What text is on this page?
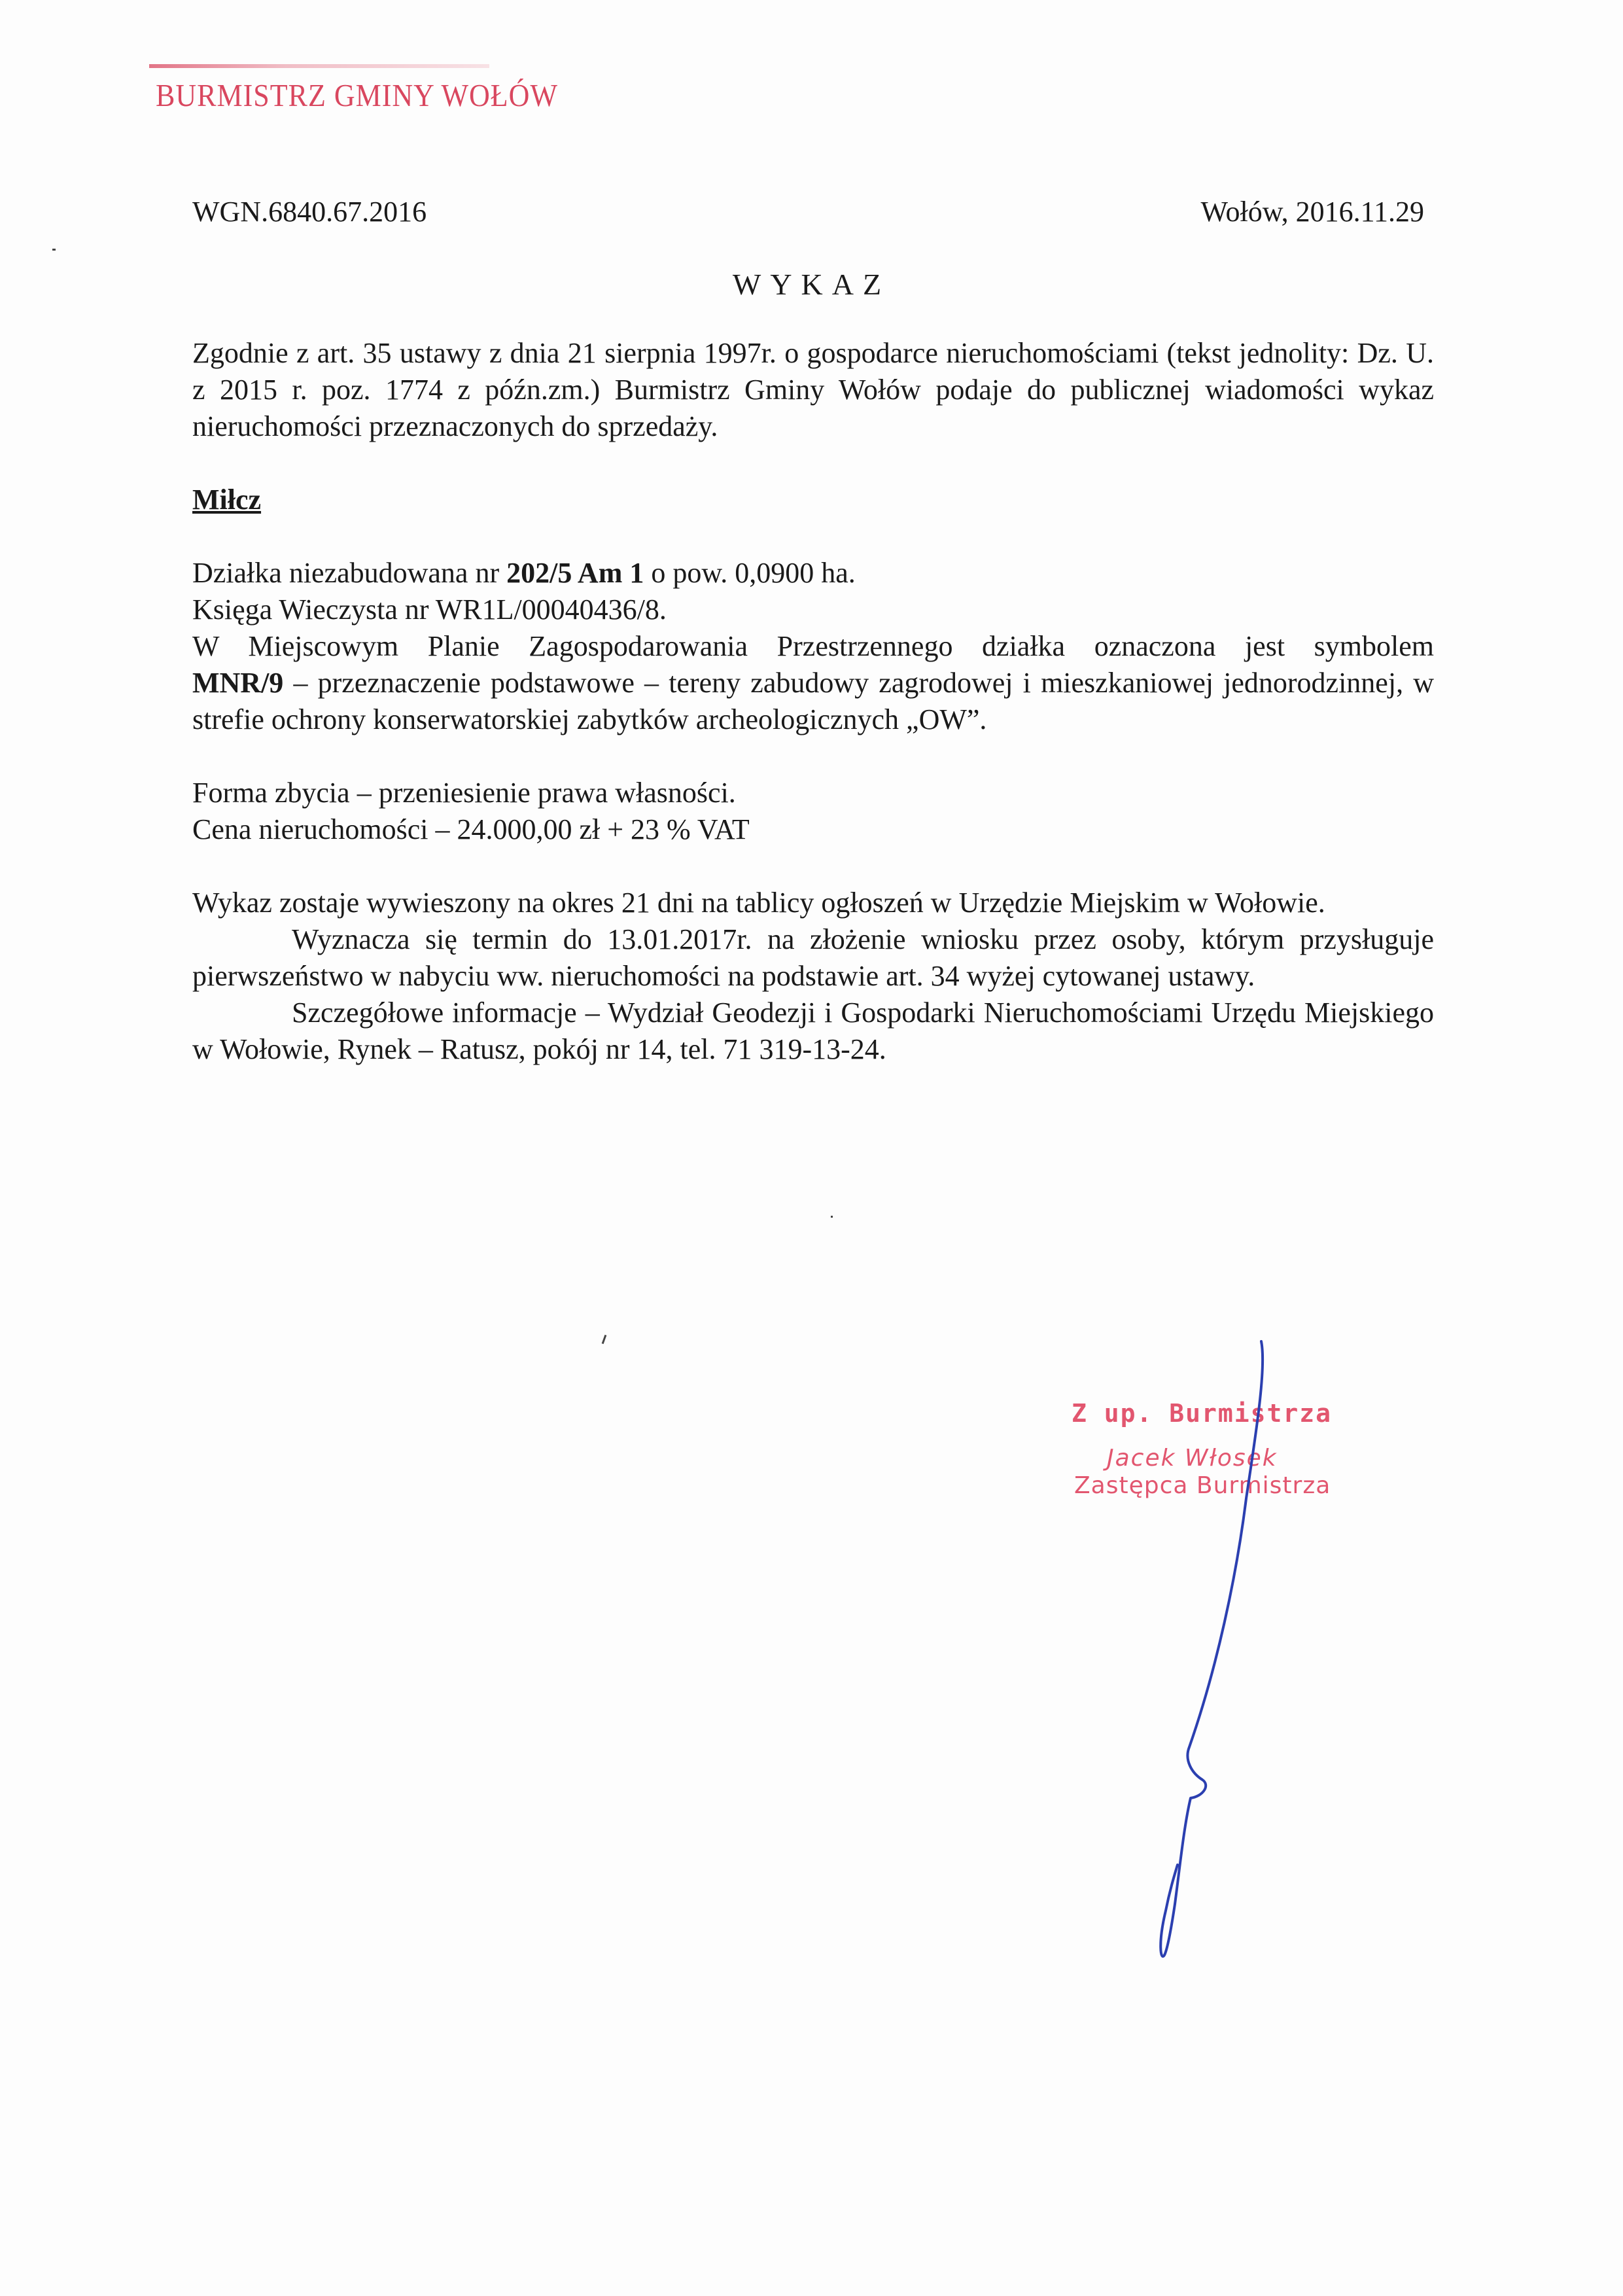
BURMISTRZ GMINY WOŁÓW
WGN.6840.67.2016	Wołów, 2016.11.29
WYKAZ
Zgodnie z art. 35 ustawy z dnia 21 sierpnia 1997r. o gospodarce nieruchomościami (tekst jednolity: Dz. U. z 2015 r. poz. 1774 z późn.zm.) Burmistrz Gminy Wołów podaje do publicznej wiadomości wykaz nieruchomości przeznaczonych do sprzedaży.
Miłcz
Działka niezabudowana nr 202/5 Am 1 o pow. 0,0900 ha.
Księga Wieczysta nr WR1L/00040436/8.
W Miejscowym Planie Zagospodarowania Przestrzennego działka oznaczona jest symbolem
MNR/9 – przeznaczenie podstawowe – tereny zabudowy zagrodowej i mieszkaniowej jednorodzinnej, w strefie ochrony konserwatorskiej zabytków archeologicznych „OW”.
Forma zbycia – przeniesienie prawa własności.
Cena nieruchomości – 24.000,00 zł + 23 % VAT
Wykaz zostaje wywieszony na okres 21 dni na tablicy ogłoszeń w Urzędzie Miejskim w Wołowie.
Wyznacza się termin do 13.01.2017r. na złożenie wniosku przez osoby, którym przysługuje pierwszeństwo w nabyciu ww. nieruchomości na podstawie art. 34 wyżej cytowanej ustawy.
Szczegółowe informacje – Wydział Geodezji i Gospodarki Nieruchomościami Urzędu Miejskiego w Wołowie, Rynek – Ratusz, pokój nr 14, tel. 71 319-13-24.
Z up. Burmistrza
Jacek Włosek
Zastępca Burmistrza
